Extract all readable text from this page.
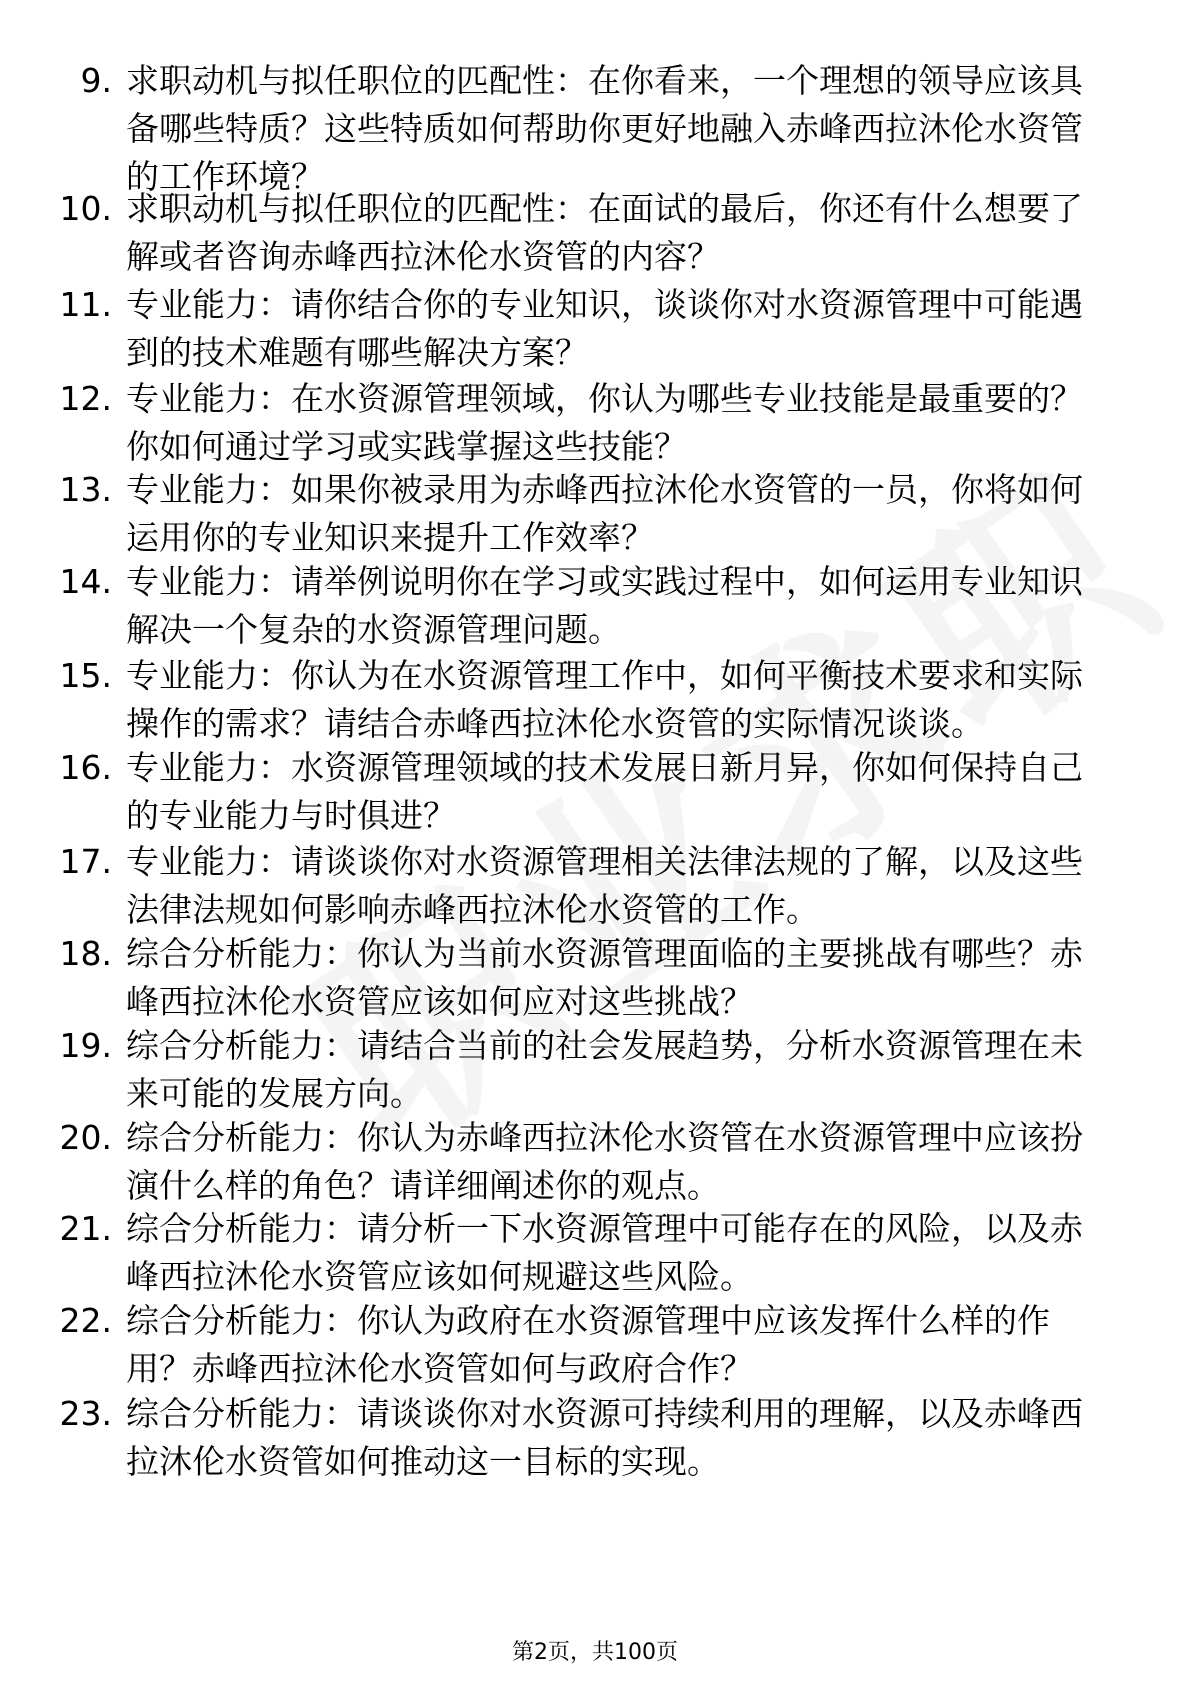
9. 求职动机与拟任职位的匹配性：在你看来，一个理想的领导应该具备哪些特质？这些特质如何帮助你更好地融入赤峰西拉沐伦水资管的工作环境？
10. 求职动机与拟任职位的匹配性：在面试的最后，你还有什么想要了解或者咨询赤峰西拉沐伦水资管的内容？
11. 专业能力：请你结合你的专业知识，谈谈你对水资源管理中可能遇到的技术难题有哪些解决方案？
12. 专业能力：在水资源管理领域，你认为哪些专业技能是最重要的？你如何通过学习或实践掌握这些技能？
13. 专业能力：如果你被录用为赤峰西拉沐伦水资管的一员，你将如何运用你的专业知识来提升工作效率？
14. 专业能力：请举例说明你在学习或实践过程中，如何运用专业知识解决一个复杂的水资源管理问题。
15. 专业能力：你认为在水资源管理工作中，如何平衡技术要求和实际操作的需求？请结合赤峰西拉沐伦水资管的实际情况谈谈。
16. 专业能力：水资源管理领域的技术发展日新月异，你如何保持自己的专业能力与时俱进？
17. 专业能力：请谈谈你对水资源管理相关法律法规的了解，以及这些法律法规如何影响赤峰西拉沐伦水资管的工作。
18. 综合分析能力：你认为当前水资源管理面临的主要挑战有哪些？赤峰西拉沐伦水资管应该如何应对这些挑战？
19. 综合分析能力：请结合当前的社会发展趋势，分析水资源管理在未来可能的发展方向。
20. 综合分析能力：你认为赤峰西拉沐伦水资管在水资源管理中应该扮演什么样的角色？请详细阐述你的观点。
21. 综合分析能力：请分析一下水资源管理中可能存在的风险，以及赤峰西拉沐伦水资管应该如何规避这些风险。
22. 综合分析能力：你认为政府在水资源管理中应该发挥什么样的作用？赤峰西拉沐伦水资管如何与政府合作？
23. 综合分析能力：请谈谈你对水资源可持续利用的理解，以及赤峰西拉沐伦水资管如何推动这一目标的实现。
第2页，共100页
